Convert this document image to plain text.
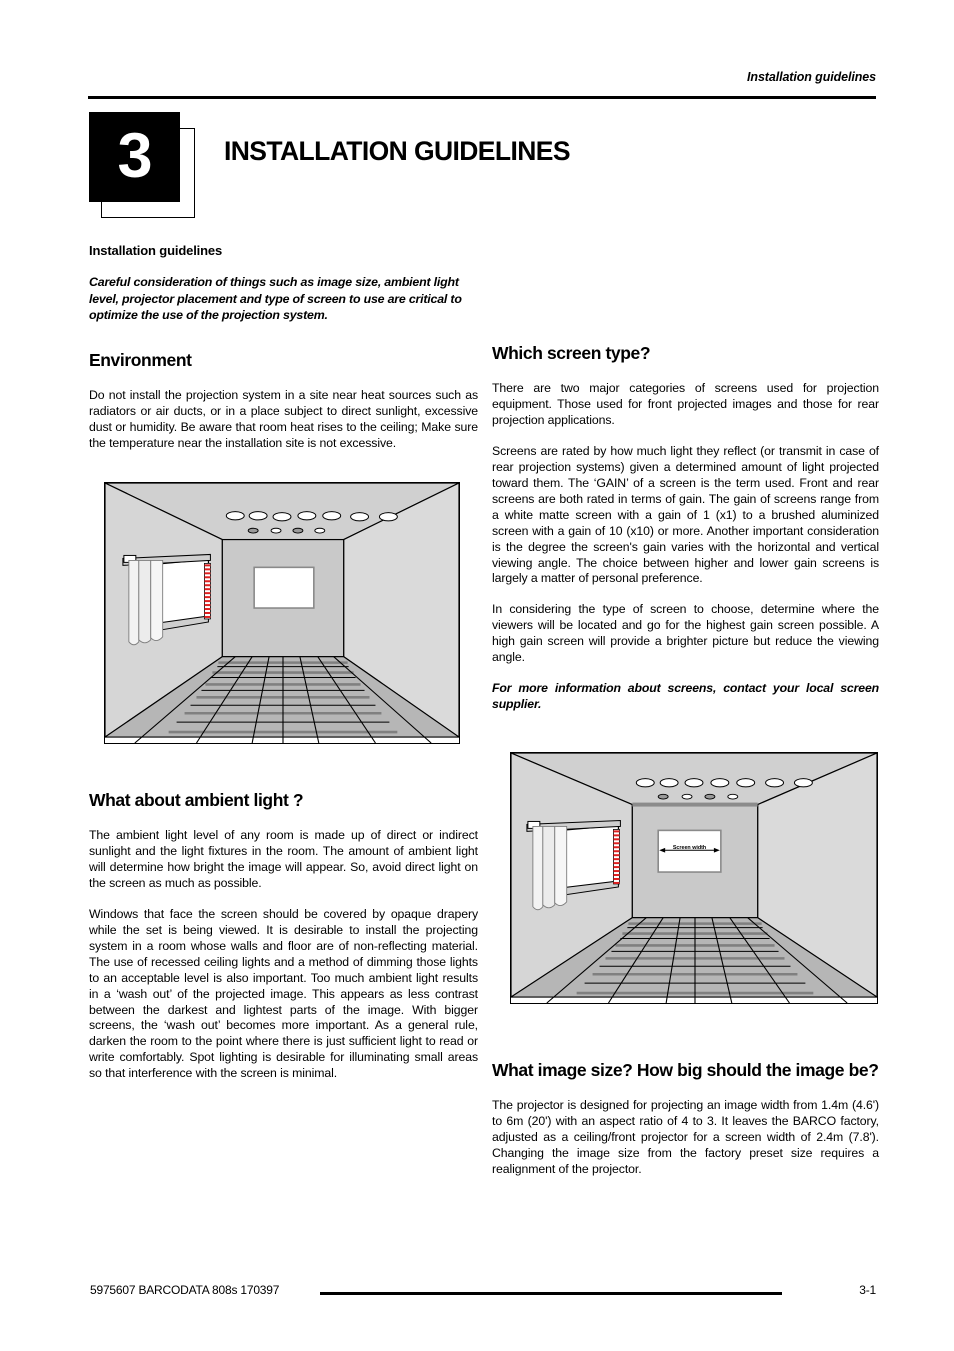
Installation guidelines
3	INSTALLATION GUIDELINES
Installation guidelines
Careful consideration of things such as image size, ambient light level, projector placement and type of screen to use are critical to optimize the use of the projection system.
Environment

Do not install the projection system in a site near heat sources such as radiators or air ducts, or in a place subject to direct sunlight, excessive dust or humidity. Be aware that room heat rises to the ceiling; Make sure the temperature near the installation site is not excessive.

Screen width
What about ambient light ?

The ambient light level of any room is made up of direct or indirect sunlight and the light fixtures in the room. The amount of ambient light will determine how bright the image will appear. So, avoid direct light on the screen as much as possible.

Windows that face the screen should be covered by opaque drapery while the set is being viewed. It is desirable to install the projecting system in a room whose walls and floor are of non-reflecting material. The use of recessed ceiling lights and a method of dimming those lights to an acceptable level is also important. Too much ambient light results in a ‘wash out’ of the projected image. This appears as less contrast between the darkest and lightest parts of the image. With bigger screens, the ‘wash out’ becomes more important. As a general rule, darken the room to the point where there is just sufficient light to read or write comfortably. Spot lighting is desirable for illuminating small areas so that interference with the screen is minimal.

Which screen type?

There are two major categories of screens used for projection equipment. Those used for front projected images and those for rear projection applications.

Screens are rated by how much light they reflect (or transmit in case of rear projection systems) given a determined amount of light projected toward them. The ‘GAIN’ of a screen is the term used. Front and rear screens are both rated in terms of gain. The gain of screens range from a white matte screen with a gain of 1 (x1) to a brushed aluminized screen with a gain of 10 (x10) or more. Another important consideration is the degree the screen's gain varies with the horizontal and vertical viewing angle. The choice between higher and lower gain screens is largely a matter of personal preference.

In considering the type of screen to choose, determine where the viewers will be located and go for the highest gain screen possible. A high gain screen will provide a brighter picture but reduce the viewing angle.

For more information about screens, contact your local screen supplier.

What image size? How big should the image be?

The projector is designed for projecting an image width from 1.4m (4.6') to 6m (20') with an aspect ratio of 4 to 3. It leaves the BARCO factory, adjusted as a ceiling/front projector for a screen width of 2.4m (7.8'). Changing the image size from the factory preset size requires a realignment of the projector.

5975607 BARCODATA 808s 170397	3-1
